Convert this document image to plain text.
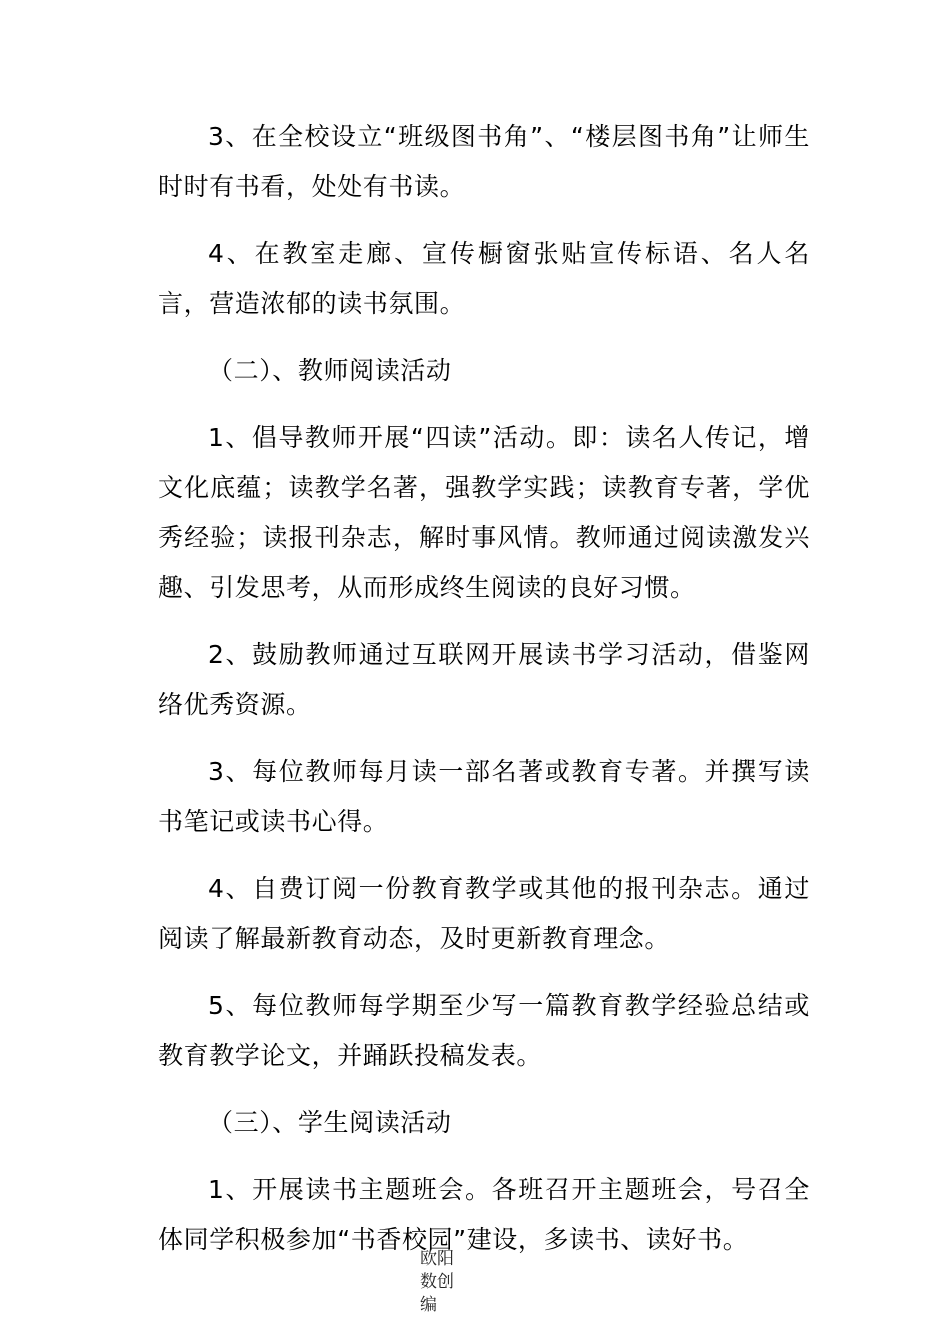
3、在全校设立“班级图书角”、“楼层图书角”让师生时时有书看，处处有书读。

4、在教室走廊、宣传橱窗张贴宣传标语、名人名言，营造浓郁的读书氛围。

（二）、教师阅读活动

1、倡导教师开展“四读”活动。即：读名人传记，增文化底蕴；读教学名著，强教学实践；读教育专著，学优秀经验；读报刊杂志，解时事风情。教师通过阅读激发兴趣、引发思考，从而形成终生阅读的良好习惯。

2、鼓励教师通过互联网开展读书学习活动，借鉴网络优秀资源。

3、每位教师每月读一部名著或教育专著。并撰写读书笔记或读书心得。

4、自费订阅一份教育教学或其他的报刊杂志。通过阅读了解最新教育动态，及时更新教育理念。

5、每位教师每学期至少写一篇教育教学经验总结或教育教学论文，并踊跃投稿发表。

（三）、学生阅读活动

1、开展读书主题班会。各班召开主题班会，号召全体同学积极参加“书香校园”建设，多读书、读好书。

欧阳数创编
